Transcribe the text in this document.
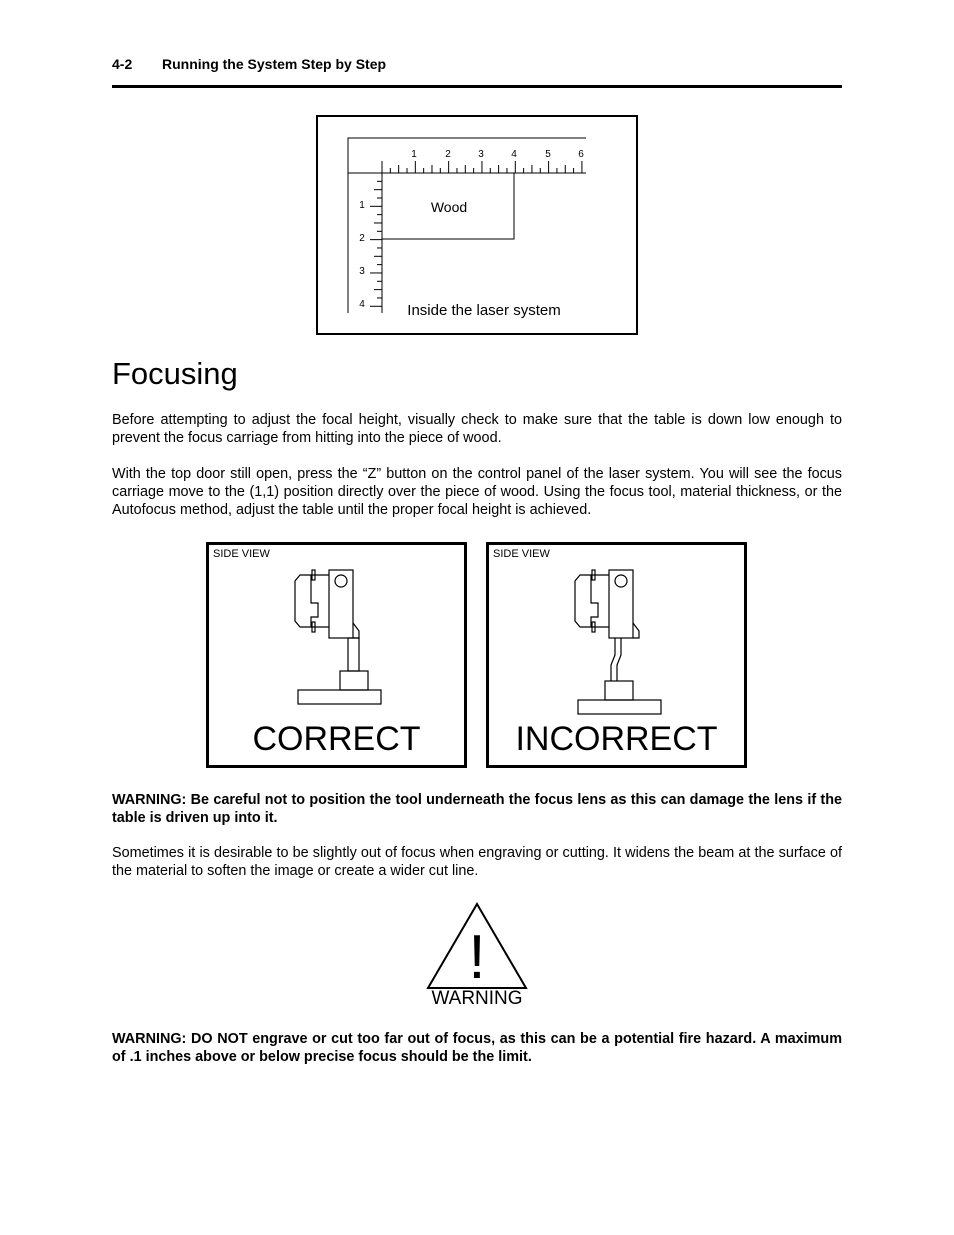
4-2 Running the System Step by Step
1	2	3	4	5	6
1
2
3
4
Wood
Inside the laser system
Focusing

Before attempting to adjust the focal height, visually check to make sure that the table is down low enough to prevent the focus carriage from hitting into the piece of wood.

With the top door still open, press the “Z” button on the control panel of the laser system. You will see the focus carriage move to the (1,1) position directly over the piece of wood. Using the focus tool, material thickness, or the Autofocus method, adjust the table until the proper focal height is achieved.

SIDE VIEW
CORRECT
SIDE VIEW
INCORRECT

WARNING: Be careful not to position the tool underneath the focus lens as this can damage the lens if the table is driven up into it.

Sometimes it is desirable to be slightly out of focus when engraving or cutting. It widens the beam at the surface of the material to soften the image or create a wider cut line.

!
WARNING

WARNING: DO NOT engrave or cut too far out of focus, as this can be a potential fire hazard. A maximum of .1 inches above or below precise focus should be the limit.
